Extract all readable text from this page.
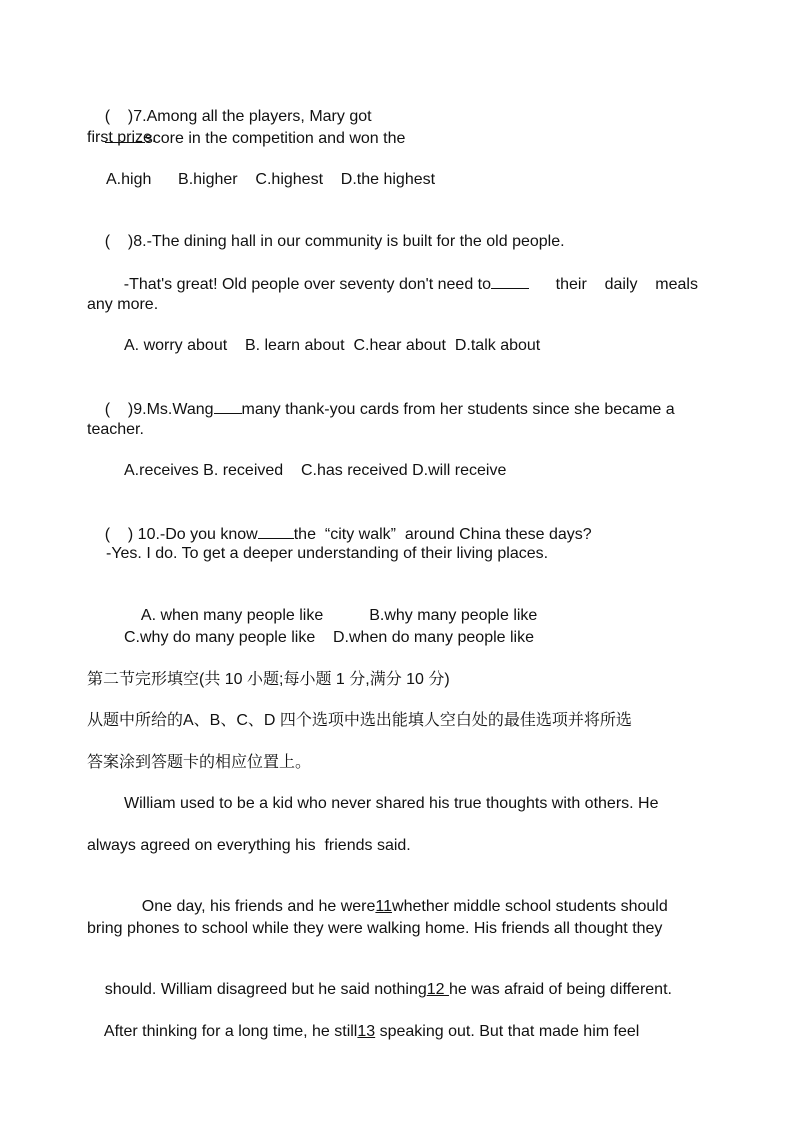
(    )7.Among all the players, Mary got
score in the competition and won the

first prize.
A.high      B.higher    C.highest    D.the highest

(    )8.-The dining hall in our community is built for the old people.

-That's great! Old people over seventy don't need to	their    daily    meals

any more.
A. worry about    B. learn about  C.hear about  D.talk about

(    )9.Ms.Wang many thank-you cards from her students since she became a

teacher.
A.receives B. received    C.has received D.will receive

(    ) 10.-Do you know the  “city walk”  around China these days?

-Yes. I do. To get a deeper understanding of their living places.

A. when many people like	B.why many people like

C.why do many people like    D.when do many people like
第二节完形填空(共 10 小题;每小题 1 分,满分 10 分)
从题中所给的A、B、C、D 四个选项中选出能填人空白处的最佳选项并将所选
答案涂到答题卡的相应位置上。
William used to be a kid who never shared his true thoughts with others. He
always agreed on everything his  friends said.

One day, his friends and he were11whether middle school students should

bring phones to school while they were walking home. His friends all thought they

should. William disagreed but he said nothing12 he was afraid of being different.

After thinking for a long time, he still13 speaking out. But that made him feel
